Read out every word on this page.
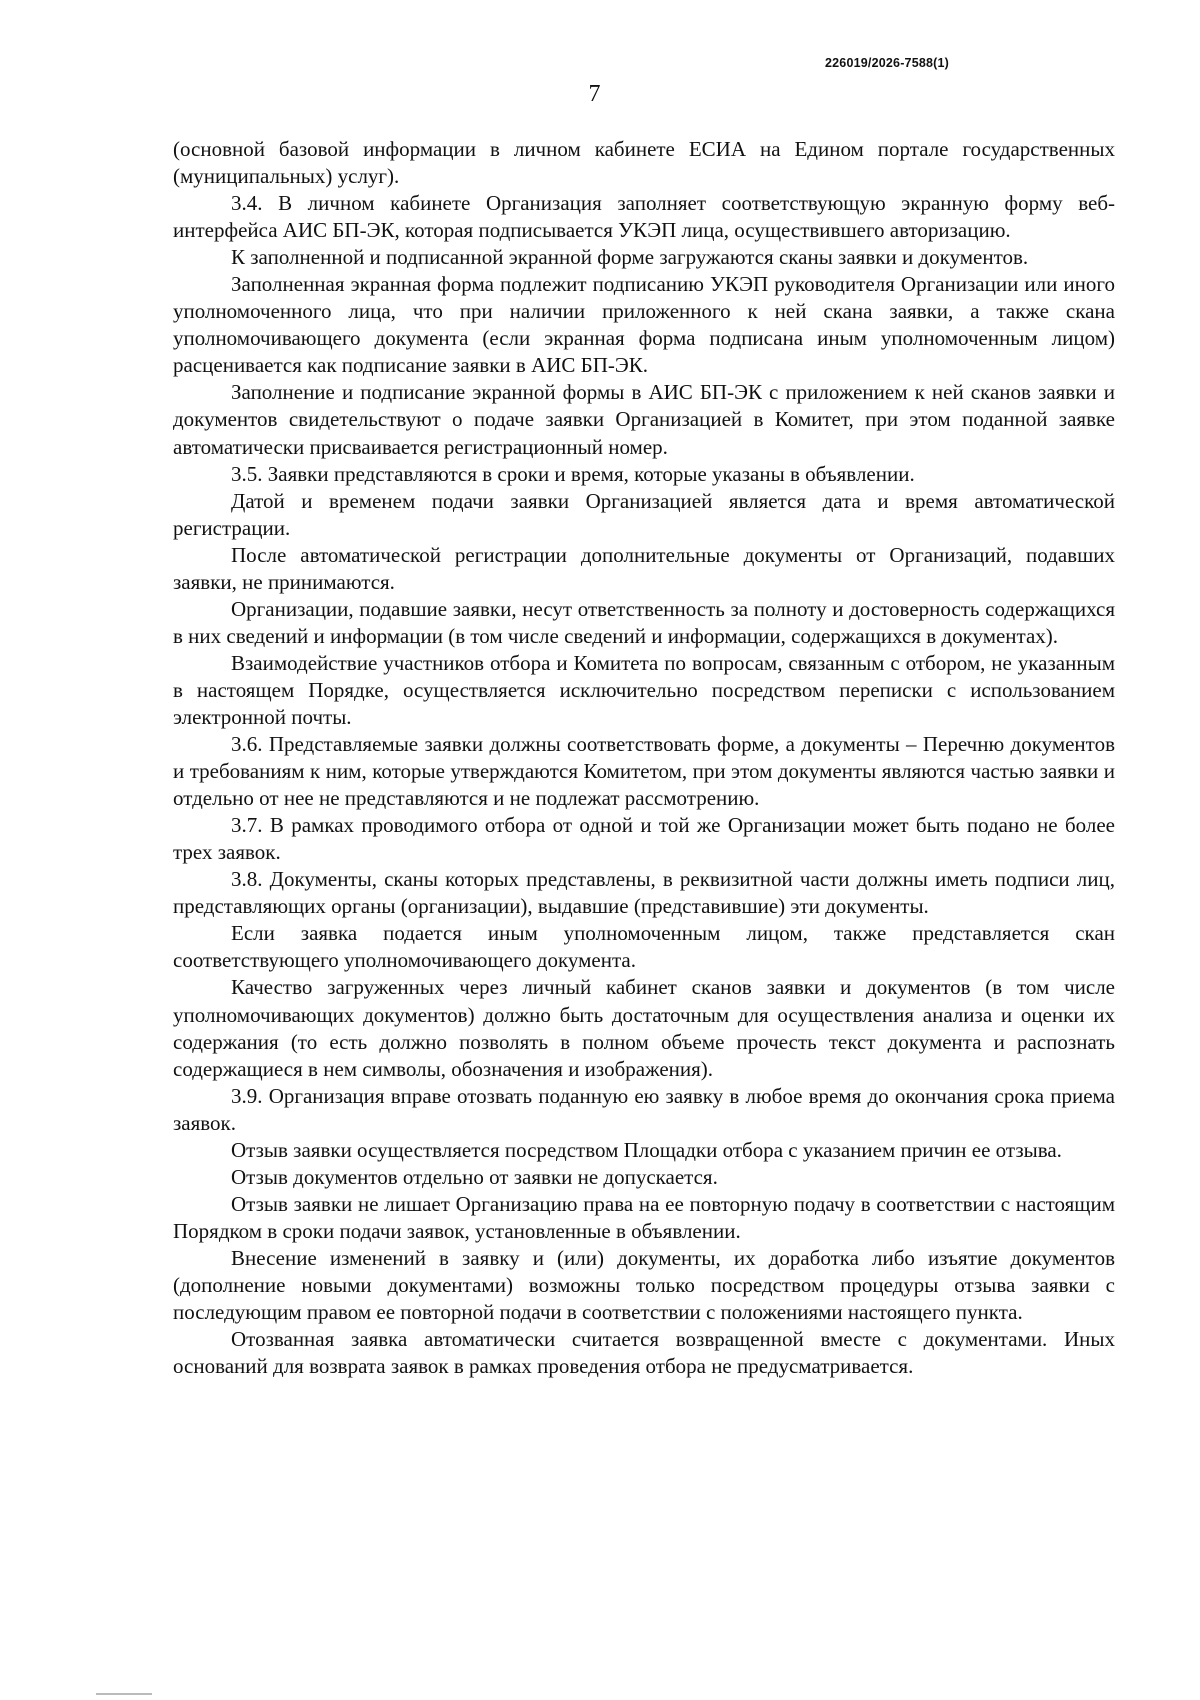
226019/2026-7588(1)
7

(основной базовой информации в личном кабинете ЕСИА на Едином портале государственных (муниципальных) услуг).

3.4. В личном кабинете Организация заполняет соответствующую экранную форму веб-интерфейса АИС БП-ЭК, которая подписывается УКЭП лица, осуществившего авторизацию.

К заполненной и подписанной экранной форме загружаются сканы заявки и документов.

Заполненная экранная форма подлежит подписанию УКЭП руководителя Организации или иного уполномоченного лица, что при наличии приложенного к ней скана заявки, а также скана уполномочивающего документа (если экранная форма подписана иным уполномоченным лицом) расценивается как подписание заявки в АИС БП-ЭК.

Заполнение и подписание экранной формы в АИС БП-ЭК с приложением к ней сканов заявки и документов свидетельствуют о подаче заявки Организацией в Комитет, при этом поданной заявке автоматически присваивается регистрационный номер.

3.5. Заявки представляются в сроки и время, которые указаны в объявлении.

Датой и временем подачи заявки Организацией является дата и время автоматической регистрации.

После автоматической регистрации дополнительные документы от Организаций, подавших заявки, не принимаются.

Организации, подавшие заявки, несут ответственность за полноту и достоверность содержащихся в них сведений и информации (в том числе сведений и информации, содержащихся в документах).

Взаимодействие участников отбора и Комитета по вопросам, связанным с отбором, не указанным в настоящем Порядке, осуществляется исключительно посредством переписки с использованием электронной почты.

3.6. Представляемые заявки должны соответствовать форме, а документы – Перечню документов и требованиям к ним, которые утверждаются Комитетом, при этом документы являются частью заявки и отдельно от нее не представляются и не подлежат рассмотрению.

3.7. В рамках проводимого отбора от одной и той же Организации может быть подано не более трех заявок.

3.8. Документы, сканы которых представлены, в реквизитной части должны иметь подписи лиц, представляющих органы (организации), выдавшие (представившие) эти документы.

Если заявка подается иным уполномоченным лицом, также представляется скан соответствующего уполномочивающего документа.

Качество загруженных через личный кабинет сканов заявки и документов (в том числе уполномочивающих документов) должно быть достаточным для осуществления анализа и оценки их содержания (то есть должно позволять в полном объеме прочесть текст документа и распознать содержащиеся в нем символы, обозначения и изображения).

3.9. Организация вправе отозвать поданную ею заявку в любое время до окончания срока приема заявок.

Отзыв заявки осуществляется посредством Площадки отбора с указанием причин ее отзыва.

Отзыв документов отдельно от заявки не допускается.

Отзыв заявки не лишает Организацию права на ее повторную подачу в соответствии с настоящим Порядком в сроки подачи заявок, установленные в объявлении.

Внесение изменений в заявку и (или) документы, их доработка либо изъятие документов (дополнение новыми документами) возможны только посредством процедуры отзыва заявки с последующим правом ее повторной подачи в соответствии с положениями настоящего пункта.

Отозванная заявка автоматически считается возвращенной вместе с документами. Иных оснований для возврата заявок в рамках проведения отбора не предусматривается.
